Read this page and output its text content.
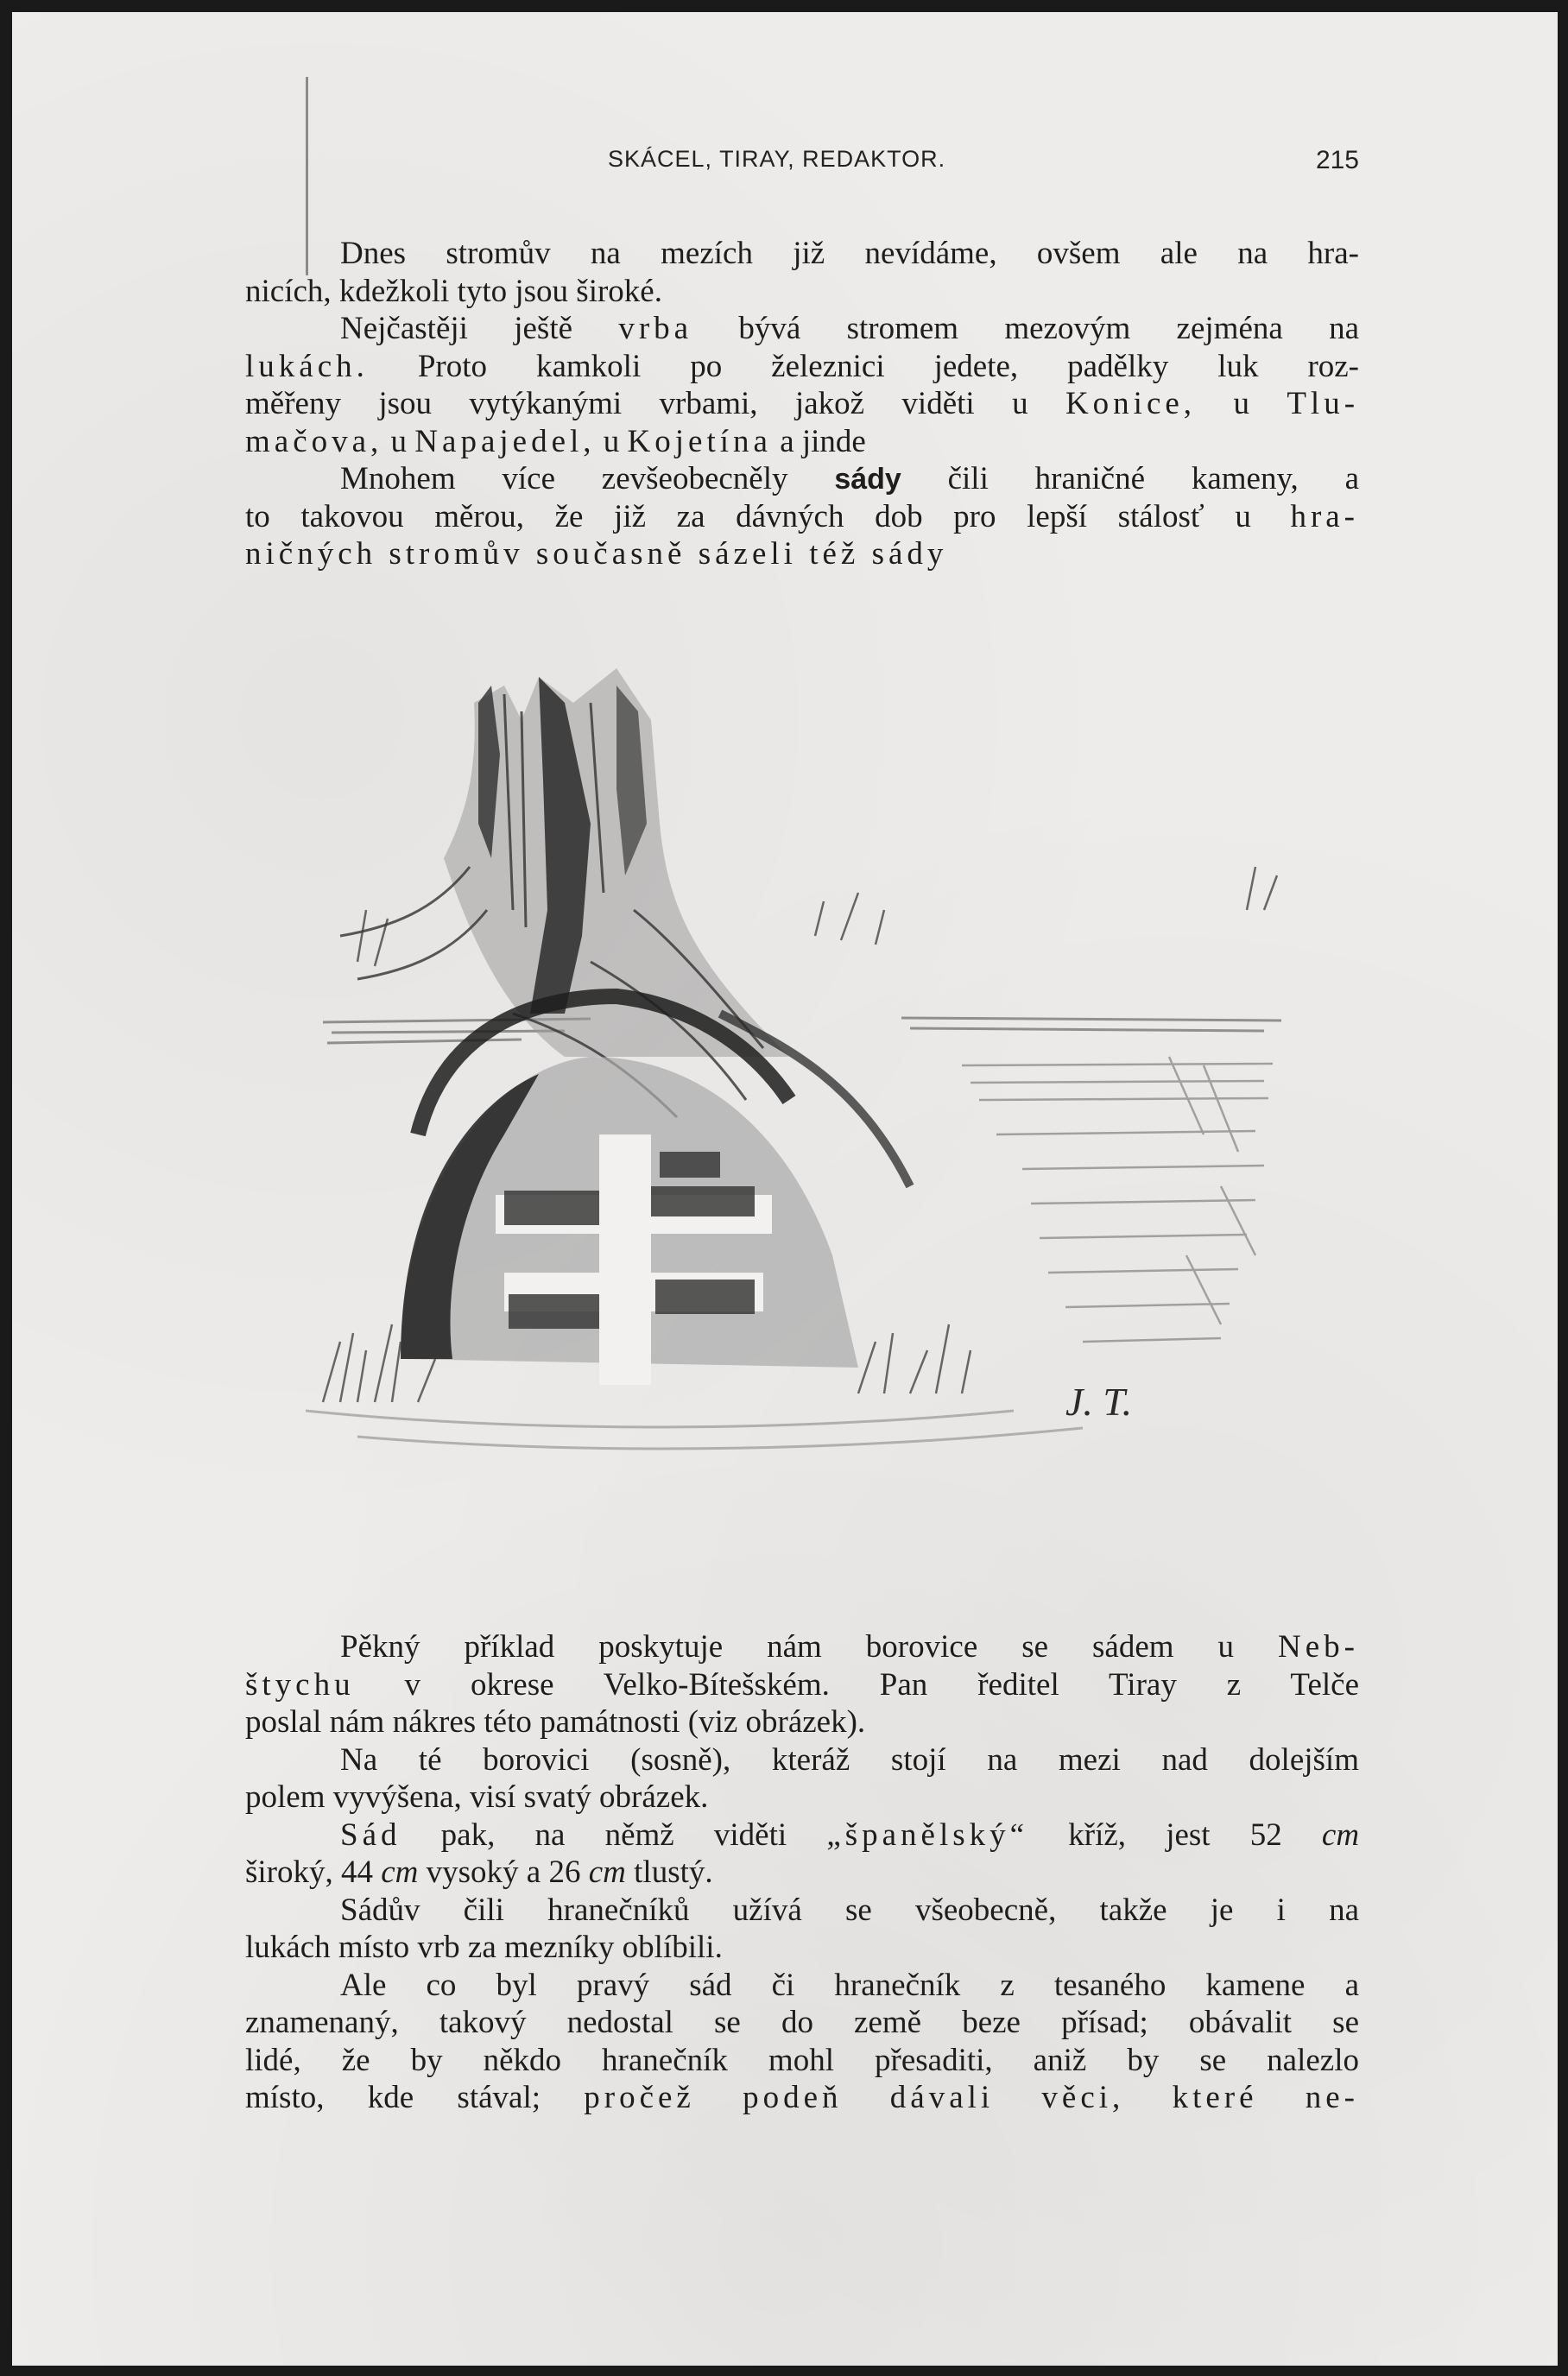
SKÁCEL, TIRAY, REDAKTOR.	215
Dnes stromův na mezích již nevídáme, ovšem ale na hra-
nicích, kdežkoli tyto jsou široké.
Nejčastěji ještě vrba bývá stromem mezovým zejména na
lukách. Proto kamkoli po železnici jedete, padělky luk roz-
měřeny jsou vytýkanými vrbami, jakož viděti u Konice, u Tlu-
mačova, u Napajedel, u Kojetína a jinde
Mnohem více zevšeobecněly sády čili hraničné kameny, a
to takovou měrou, že již za dávných dob pro lepší stálosť u hra-
ničných stromův současně sázeli též sády
J. T.
Pěkný příklad poskytuje nám borovice se sádem u Neb-
štychu v okrese Velko-Bítešském. Pan ředitel Tiray z Telče
poslal nám nákres této památnosti (viz obrázek).
Na té borovici (sosně), kteráž stojí na mezi nad dolejším
polem vyvýšena, visí svatý obrázek.
Sád pak, na němž viděti „španělský“ kříž, jest 52 cm
široký, 44 cm vysoký a 26 cm tlustý.
Sádův čili hranečníků užívá se všeobecně, takže je i na
lukách místo vrb za mezníky oblíbili.
Ale co byl pravý sád či hranečník z tesaného kamene a
znamenaný, takový nedostal se do země beze přísad; obávalit se
lidé, že by někdo hranečník mohl přesaditi, aniž by se nalezlo
místo, kde stával; pročež podeň dávali věci, které ne-
